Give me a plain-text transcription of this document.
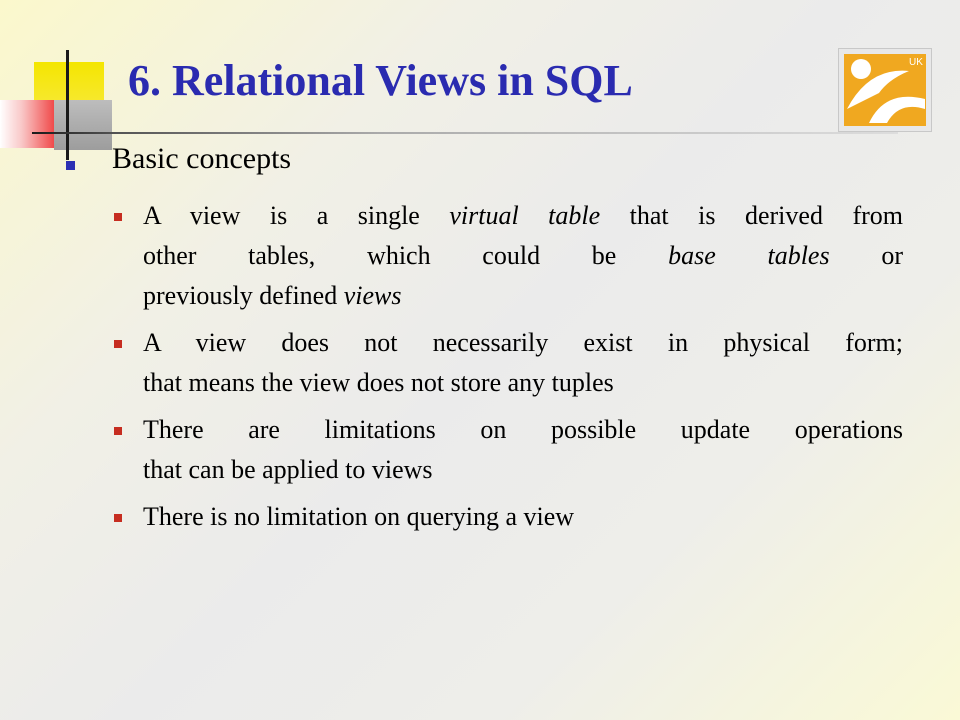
6. Relational Views in SQL	UK
Basic concepts
A view is a single virtual table that is derived from
other tables, which could be base tables or
previously defined views
A view does not necessarily exist in physical form;
that means the view does not store any tuples
There are limitations on possible update operations
that can be applied to views
There is no limitation on querying a view
